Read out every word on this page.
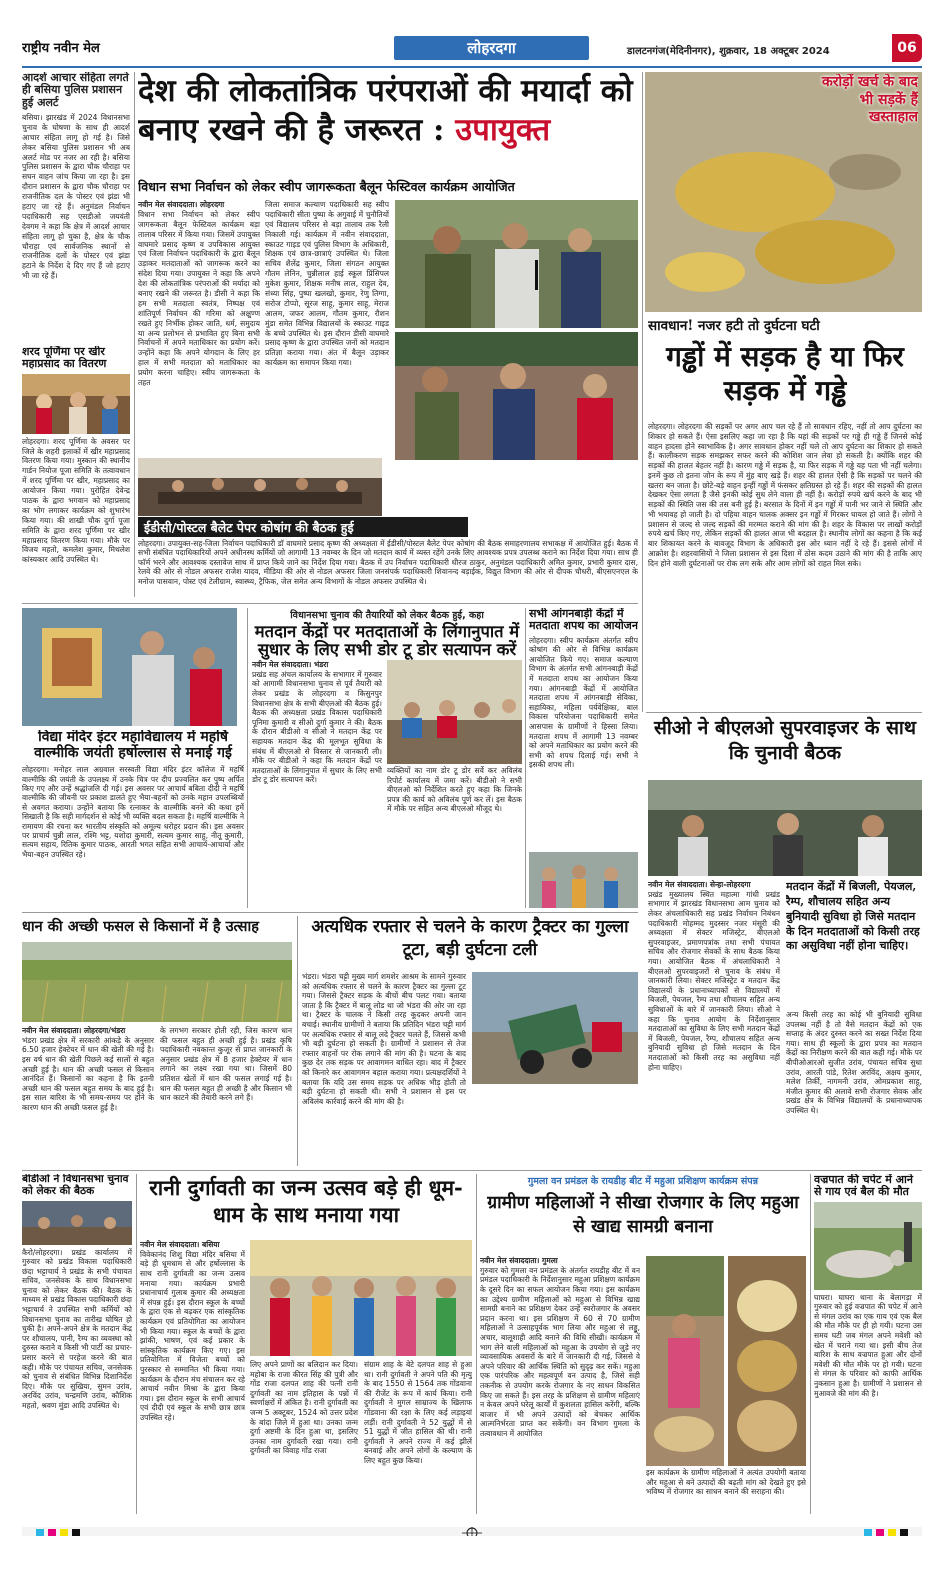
राष्ट्रीय नवीन मेल	लोहरदगा	डालटनगंज(मेदिनीनगर), शुक्रवार, 18 अक्टूबर 2024	06
आदर्श आचार संहिता लगते ही बसिया पुलिस प्रशासन हुई अलर्ट
बसिया। झारखंड में 2024 विधानसभा चुनाव के घोषणा के साथ ही आदर्श आचार संहिता लागू हो गई है। जिसे लेकर बसिया पुलिस प्रशासन भी अब अलर्ट मोड पर नजर आ रही है। बसिया पुलिस प्रशासन के द्वारा चौक चौराहा पर सघन वाहन जांच किया जा रहा है। इस दौरान प्रशासन के द्वारा चौक चौराहा पर राजनीतिक दल के पोस्टर एवं झंडा भी हटाए जा रहे हैं। अनुमंडल निर्वाचन पदाधिकारी सह एसडीओ जयवंती देवगम ने कहा कि क्षेत्र में आदर्श आचार संहिता लागू हो चुका है, क्षेत्र के चौक चौराहा एवं सार्वजनिक स्थानों से राजनीतिक दलों के पोस्टर एवं झंडा हटाने के निर्देश दे दिए गए हैं जो हटाए भी जा रहे हैं।
शरद पूर्णिमा पर खीर महाप्रसाद का वितरण
लोहरदगा। शरद पूर्णिमा के अवसर पर जिले के शहरी इलाकों में खीर महाप्रसाद वितरण किया गया। मुस्कान की स्थानीय गार्डन नियोज पूजा समिति के तत्वावधान में शरद पूर्णिमा पर खीर, महाप्रसाद का आयोजन किया गया। पुरोहित देवेन्द्र पाठक के द्वारा भगवान को महाप्रसाद का भोग लगाकर कार्यक्रम को शुभारंभ किया गया। की शाखी चौक दुर्गा पूजा समिति के द्वारा शरद पूर्णिमा पर खीर महाप्रसाद वितरण किया गया। मौके पर विजय महतो, कमलेश कुमार, मिथलेश कांस्यकार आदि उपस्थित थे।
देश की लोकतांत्रिक परंपराओं की मयार्दा को बनाए रखने की है जरूरत : उपायुक्त
विधान सभा निर्वाचन को लेकर स्वीप जागरूकता बैलून फेस्टिवल कार्यक्रम आयोजित
नवीन मेल संवाददाता। लोहरदगा
विधान सभा निर्वाचन को लेकर स्वीप जागरूकता बैलून फेस्टिवल कार्यक्रम बड़ा तालाब परिसर में किया गया। जिसमें उपायुक्त वाघमारे प्रसाद कृष्ण व उपविकास आयुक्त एवं जिला निर्वाचन पदाधिकारी के द्वारा बैलून उड़ाकर मतदाताओं को जागरूक करने का संदेश दिया गया। उपायुक्त ने कहा कि अपने देश की लोकतांत्रिक परंपराओं की मर्यादा को बनाए रखने की जरूरत है। डीसी ने कहा कि हम सभी मतदाता स्वतंत्र, निष्पक्ष एवं शांतिपूर्ण निर्वाचन की गरिमा को अक्षुण्ण रखते हुए निर्भीक होकर जाति, धर्म, समुदाय या अन्य प्रलोभन से प्रभावित हुए बिना सभी निर्वाचनों में अपने मताधिकार का प्रयोग करें। उन्होंने कहा कि अपने योगदान के लिए हर हाल में सभी मतदाता को मताधिकार का प्रयोग करना चाहिए। स्वीप जागरूकता के तहत
जिला समाज कल्याण पदाधिकारी सह स्वीप पदाधिकारी सीता पुष्पा के अगुवाई में चुनौतियों एवं विद्यालय परिसर से बड़ा तालाब तक रैली निकाली गई। कार्यक्रम में नवीन संवाददाता, स्काउट गाइड एवं पुलिस विभाग के अधिकारी, शिक्षक एवं छात्र-छात्राएं उपस्थित थे। जिला सचिव शैलेंद्र कुमार, जिला संगठन आयुक्त गौतम लेनिन, चुन्नीलाल हाई स्कूल प्रिंसिपल मुकेश कुमार, शिक्षक मनीष लाल, राहुल देव, संध्या सिंह, पुष्पा खलखो, कुमार, रेणु तिग्गा, सरोज टोप्पो, सूरज साहू, कुमार साहू, मेराज आलम, जफर आलम, गौतम कुमार, रौशन मुंडा समेत विभिन्न विद्यालयों के स्काउट गाइड के बच्चे उपस्थित थे। इस दौरान डीसी वाघमारे प्रसाद कृष्ण के द्वारा उपस्थित जनों को मतदान प्रतिज्ञा कराया गया। अंत में बैलून उड़ाकर कार्यक्रम का समापन किया गया।
ईडीसी/पोस्टल बैलेट पेपर कोषांग की बैठक हुई
लोहरदगा। उपायुक्त-सह-जिला निर्वाचन पदाधिकारी डॉ वाघमारे प्रसाद कृष्ण की अध्यक्षता में ईडीसी/पोस्टल बैलेट पेपर कोषांग की बैठक समाहरणालय सभाकक्ष में आयोजित हुई। बैठक में सभी संबंधित पदाधिकारियों अपने अधीनस्थ कर्मियों जो आगामी 13 नवम्बर के दिन जो मतदान कार्य में व्यस्त रहेंगे उनके लिए आवश्यक प्रपत्र उपलब्ध कराने का निर्देश दिया गया। साथ ही फॉर्म भरने और आवश्यक दस्तावेज साथ में प्राप्त किये जाने का निर्देश दिया गया। बैठक में उप निर्वाचन पदाधिकारी धीरज ठाकुर, अनुमंडल पदाधिकारी अमित कुमार, प्रभारी कुमार दास, रेलवे की ओर से नोडल अफसर राजेश यादव, मीडिया की ओर से नोडल अफसर जिला जनसंपर्क पदाधिकारी शिवानन्द बड़ाईक, विद्युत विभाग की ओर से दीपक चौधरी, बीएसएनएल के मनोज पासवान, पोस्ट एवं टेलीग्राम, स्वास्थ्य, ट्रैफिक, जेल समेत अन्य विभागों के नोडल अफसर उपस्थित थे।
करोड़ों खर्च के बाद भी सड़कें हैं खस्ताहाल
सावधान! नजर हटी तो दुर्घटना घटी
गड्ढों में सड़क है या फिर सड़क में गड्ढे
लोहरदगा। लोहरदगा की सड़कों पर अगर आप चल रहे हैं तो सावधान रहिए, नहीं तो आप दुर्घटना का शिकार हो सकते हैं। ऐसा इसलिए कहा जा रहा है कि यहां की सड़कों पर गड्ढे ही गड्ढे हैं जिनसे कोई वाहन हादसा होने स्वाभाविक है। अगर सावधान होकर नहीं चले तो आप दुर्घटना का शिकार हो सकते हैं। कालीकरण सड़क समझकर सफर करने की कोशिश जान लेवा हो सकती है। क्योंकि शहर की सड़कों की हालत बेहतर नहीं है। कारण गड्ढे में सड़क है, या फिर सड़क में गड्ढे यह पता भी नहीं चलेगा। इनमें कुछ तो इतना जोन के रूप में मुंह बाए खड़े हैं। शहर की हालत ऐसी है कि सड़कों पर चलने की खतरा बन जाता है। छोटे-बड़े वाहन इन्हीं गड्ढों में फंसकर क्षतिग्रस्त हो रहे हैं। शहर की सड़कों की हालत देखकर ऐसा लगता है जैसे इनकी कोई सुध लेने वाला ही नहीं है। करोड़ों रुपये खर्च करने के बाद भी सड़कों की स्थिति जस की तस बनी हुई है। बरसात के दिनों में इन गड्ढों में पानी भर जाने से स्थिति और भी भयावह हो जाती है। दो पहिया वाहन चालक अक्सर इन गड्ढों में गिरकर घायल हो जाते हैं। लोगों ने प्रशासन से जल्द से जल्द सड़कों की मरम्मत कराने की मांग की है। शहर के विकास पर लाखों करोड़ों रुपये खर्च किए गए, लेकिन सड़कों की हालत आज भी बदहाल है। स्थानीय लोगों का कहना है कि कई बार शिकायत करने के बावजूद विभाग के अधिकारी इस ओर ध्यान नहीं दे रहे हैं। इससे लोगों में आक्रोश है। शहरवासियों ने जिला प्रशासन से इस दिशा में ठोस कदम उठाने की मांग की है ताकि आए दिन होने वाली दुर्घटनाओं पर रोक लग सके और आम लोगों को राहत मिल सके।
विद्या मंदिर इंटर महाविद्यालय में महर्षि वाल्मीकि जयंती हर्षोल्लास से मनाई गई
लोहरदगा। मनोहर लाल अग्रवाल सरस्वती विद्या मंदिर इंटर कॉलेज में महर्षि वाल्मीकि की जयंती के उपलक्ष्य में उनके चित्र पर दीप प्रज्वलित कर पुष्प अर्पित किए गए और उन्हें श्रद्धांजलि दी गई। इस अवसर पर आचार्य बबिता दीदी ने महर्षि वाल्मीकि की जीवनी पर प्रकाश डालते हुए भैया-बहनों को उनके महान उपलब्धियों से अवगत कराया। उन्होंने बताया कि रत्नाकर के वाल्मीकि बनने की कथा हमें सिखाती है कि सही मार्गदर्शन से कोई भी व्यक्ति बदल सकता है। महर्षि वाल्मीकि ने रामायण की रचना कर भारतीय संस्कृति को अमूल्य धरोहर प्रदान की। इस अवसर पर प्राचार्य चुन्नी लाल, रश्मि भट्ट, यशोदा कुमारी, सत्यम कुमार साहु, नीतू कुमारी, सत्यम सहाय, रितिक कुमार पाठक, आरती भगत सहित सभी आचार्य-आचार्या और भैया-बहन उपस्थित रहे।
विधानसभा चुनाव की तैयारियों को लेकर बैठक हुई, कहा
मतदान केंद्रों पर मतदाताओं के लिंगानुपात में सुधार के लिए सभी डोर टू डोर सत्यापन करें
नवीन मेल संवाददाता। भंडरा
प्रखंड सह अंचल कार्यालय के सभागार में गुरुवार को आगामी विधानसभा चुनाव से पूर्व तैयारी को लेकर प्रखंड के लोहरदगा व किसुनपुर विधानसभा क्षेत्र के सभी बीएलओ की बैठक हुई। बैठक की अध्यक्षता प्रखंड विकास पदाधिकारी पूनिमा कुमारी व सीओ दुर्गा कुमार ने की। बैठक के दौरान बीडीओ व सीओ ने मतदान केंद्र पर सहायक मतदान केंद्र की मूलभूत सुविधा के संबंध में बीएलओ से विस्तार से जानकारी ली। मौके पर बीडीओ ने कहा कि मतदान केंद्रों पर मतदाताओं के लिंगानुपात में सुधार के लिए सभी डोर टू डोर सत्यापन करें।
व्यक्तियों का नाम डोर टू डोर सर्वे कर अविलंब रिपोर्ट कार्यालय में जमा करें। बीडीओ ने सभी बीएलओ को निर्देशित करते हुए कहा कि जिनके प्रपत्र की कार्य को अविलंब पूर्ण कर लें। इस बैठक में मौके पर सहित अन्य बीएलओ मौजूद थे।
सभी आंगनबाड़ी केंद्रों में मतदाता शपथ का आयोजन
लोहरदगा। स्वीप कार्यक्रम अंतर्गत स्वीप कोषांग की ओर से विभिन्न कार्यक्रम आयोजित किये गए। समाज कल्याण विभाग के अंतर्गत सभी आंगनबाड़ी केंद्रों में मतदाता शपथ का आयोजन किया गया। आंगनबाड़ी केंद्रों में आयोजित मतदाता शपथ में आंगनबाड़ी सेविका, सहायिका, महिला पर्यवेक्षिका, बाल विकास परियोजना पदाधिकारी समेत आसपास के ग्रामीणों ने हिस्सा लिया। मतदाता शपथ में आगामी 13 नवम्बर को अपने मताधिकार का प्रयोग करने की सभी को शपथ दिलाई गई। सभी ने इसकी शपथ ली।
सीओ ने बीएलओ सुपरवाइजर के साथ कि चुनावी बैठक
नवीन मेल संवाददाता। सेन्हा-लोहरदगा
प्रखंड मुख्यालय स्थित महात्मा गांधी प्रखंड सभागार में झारखंड विधानसभा आम चुनाव को लेकर अंचलाधिकारी सह प्रखंड निर्वाचन निबंधन पदाधिकारी मोहम्मद मुदस्सर नजर मंसूरी की अध्यक्षता में सेक्टर मजिस्ट्रेट, बीएलओ सुपरवाइजर, प्रमाणपत्रांक तथा सभी पंचायत सचिव और रोजगार सेवकों के साथ बैठक किया गया। आयोजित बैठक में अंचलाधिकारी ने बीएलओ सुपरवाइजरों से चुनाव के संबंध में जानकारी लिया। सेक्टर मजिस्ट्रेट व मतदान केंद्र विद्यालयों के प्रधानाध्यापकों से विद्यालयों में बिजली, पेयजल, रैम्प तथा शौचालय सहित अन्य सुविधाओं के बारे में जानकारी लिया। सीओ ने कहा कि चुनाव आयोग के निर्देशानुसार मतदाताओं का सुविधा के लिए सभी मतदान केंद्रों में बिजली, पेयजल, रैम्प, शौचालय सहित अन्य बुनियादी सुविधा हो जिसे मतदान के दिन मतदाताओं को किसी तरह का असुविधा नहीं होना चाहिए।
मतदान केंद्रों में बिजली, पेयजल, रैम्प, शौचालय सहित अन्य बुनियादी सुविधा हो जिसे मतदान के दिन मतदाताओं को किसी तरह का असुविधा नहीं होना चाहिए।
अन्य किसी तरह का कोई भी बुनियादी सुविधा उपलब्ध नहीं है तो वैसे मतदान केंद्रों को एक सप्ताह के अंदर दुरुस्त करने का सख्त निर्देश दिया गया। साथ ही स्कूलों के द्वारा प्रपत्र का मतदान केंद्रों का निरीक्षण करने की बात कही गई। मौके पर बीपीओआरओ सुजीत उरांव, पंचायत सचिव सुधा उरांव, आरती पांडे, रितेश अरविंद, अक्षय कुमार, मलेश तिर्की, नागमनी उरांव, ओमप्रकाश साहू, मंजीत कुमार की अलावे सभी रोजगार सेवक और प्रखंड क्षेत्र के विभिन्न विद्यालयों के प्रधानाध्यापक उपस्थित थे।
धान की अच्छी फसल से किसानों में है उत्साह
नवीन मेल संवाददाता। लोहरदगा/भंडरा
भंडरा प्रखंड क्षेत्र में सरकारी आंकड़े के अनुसार 6.50 हजार हेक्टेयर में धान की खेती की गई है। इस वर्ष धान की खेती पिछले कई सालों से बहुत अच्छी हुई है। धान की अच्छी फसल से किसान आनंदित हैं। किसानों का कहना है कि इतनी अच्छी धान की फसल बहुत समय के बाद हुई है। इस साल बारिश के भी समय-समय पर होने के कारण धान की अच्छी फसल हुई है।
के लगभग सरकार होती रही, जिस कारण धान की फसल बहुत ही अच्छी हुई है। प्रखंड कृषि पदाधिकारी नवकान्त कुजूर से प्राप्त जानकारी के अनुसार प्रखंड क्षेत्र में 8 हजार हेक्टेयर में धान लगाने का लक्ष्य रखा गया था। जिसमें 80 प्रतिशत खेतों में धान की फसल लगाई गई है। धान की फसल बहुत ही अच्छी है और किसान भी धान काटने की तैयारी करने लगे हैं।
अत्यधिक रफ्तार से चलने के कारण ट्रैक्टर का गुल्ला टूटा, बड़ी दुर्घटना टली
भंडरा। भंडरा चट्टी मुख्य मार्ग शमशेर आश्रम के सामने गुरुवार को अत्यधिक रफ्तार से चलने के कारण ट्रैक्टर का गुल्ला टूट गया। जिससे ट्रैक्टर सड़क के बीचों बीच पलट गया। बताया जाता है कि ट्रैक्टर में बालू लोड था जो भंडरा की ओर जा रहा था। ट्रैक्टर के चालक ने किसी तरह कूदकर अपनी जान बचाई। स्थानीय ग्रामीणों ने बताया कि प्रतिदिन भंडरा चट्टी मार्ग पर अत्यधिक रफ्तार से बालू लदे ट्रैक्टर चलते हैं, जिससे कभी भी बड़ी दुर्घटना हो सकती है। ग्रामीणों ने प्रशासन से तेज रफ्तार वाहनों पर रोक लगाने की मांग की है। घटना के बाद कुछ देर तक सड़क पर आवागमन बाधित रहा। बाद में ट्रैक्टर को किनारे कर आवागमन बहाल कराया गया। प्रत्यक्षदर्शियों ने बताया कि यदि उस समय सड़क पर अधिक भीड़ होती तो बड़ी दुर्घटना हो सकती थी। सभी ने प्रशासन से इस पर अविलंब कार्रवाई करने की मांग की है।
बीडीओ ने विधानसभा चुनाव को लेकर की बैठक
कैरो/लोहरदगा। प्रखंड कार्यालय में गुरुवार को प्रखंड विकास पदाधिकारी छंदा भट्टाचार्य ने प्रखंड के सभी पंचायत सचिव, जनसेवक के साथ विधानसभा चुनाव को लेकर बैठक की। बैठक के माध्यम से प्रखंड विकास पदाधिकारी छंदा भट्टाचार्य ने उपस्थित सभी कर्मियों को विधानसभा चुनाव का तारीख घोषित हो चुकी है। अपने-अपने क्षेत्र के मतदान केंद्र पर शौचालय, पानी, रैम्प का व्यवस्था को दुरुस्त कराने व किसी भी पार्टी का प्रचार-प्रसार करने से परहेज करने की बात कही। मौके पर पंचायत सचिव, जनसेवक को चुनाव से संबंधित विभिन्न दिशानिर्देश दिए। मौके पर सुखिया, सुमन उरांव, अरविंद उरांव, चन्द्रमणि उरांव, कौशिक महतो, श्रवण मुंडा आदि उपस्थित थे।
रानी दुर्गावती का जन्म उत्सव बड़े ही धूम-धाम के साथ मनाया गया
नवीन मेल संवाददाता। बसिया
विवेकानंद शिशु विद्या मंदिर बसिया में बड़े ही धूमधाम से और हर्षोल्लास के साथ रानी दुर्गावती का जन्म उत्सव मनाया गया। कार्यक्रम प्रभारी प्रधानाचार्य गुलाब कुमार की अध्यक्षता में संपन्न हुई। इस दौरान स्कूल के बच्चों के द्वारा एक से बढ़कर एक सांस्कृतिक कार्यक्रम एवं प्रतियोगिता का आयोजन भी किया गया। स्कूल के बच्चों के द्वारा झांकी, भाषण, एवं कई प्रकार के सांस्कृतिक कार्यक्रम किए गए। इस प्रतियोगिता में विजेता बच्चों को पुरस्कार से सम्मानित भी किया गया। कार्यक्रम के दौरान मंच संचालन कर रहे आचार्य नवीन मिश्रा के द्वारा किया गया। इस दौरान स्कूल के सभी आचार्य एवं दीदी एवं स्कूल के सभी छात्र छात्र उपस्थित रहे।
लिए अपने प्राणों का बलिदान कर दिया। महोबा के राजा कीरत सिंह की पुत्री और गोंड राजा दलपत शाह की पत्नी रानी दुर्गावती का नाम इतिहास के पन्नों में स्वर्णाक्षरों में अंकित है। रानी दुर्गावती का जन्म 5 अक्टूबर, 1524 को उत्तर प्रदेश के बांदा जिले में हुआ था। उनका जन्म दुर्गा अष्टमी के दिन हुआ था, इसलिए उनका नाम दुर्गावती रखा गया। रानी दुर्गावती का विवाह गोंड राजा
संग्राम शाह के बेटे दलपत शाह से हुआ था। रानी दुर्गावती ने अपने पति की मृत्यु के बाद 1550 से 1564 तक गोंडवाना की रीजेंट के रूप में कार्य किया। रानी दुर्गावती ने मुगल साम्राज्य के खिलाफ गोंडवाना की रक्षा के लिए कई लड़ाइयां लड़ीं। रानी दुर्गावती ने 52 युद्धों में से 51 युद्धों में जीत हासिल की थी। रानी दुर्गावती ने अपने राज्य में कई झीलें बनवाई और अपने लोगों के कल्याण के लिए बहुत कुछ किया।
गुमला वन प्रमंडल के रायडीह बीट में महुआ प्रशिक्षण कार्यक्रम संपन्न
ग्रामीण महिलाओं ने सीखा रोजगार के लिए महुआ से खाद्य सामग्री बनाना
नवीन मेल संवाददाता। गुमला
गुरुवार को गुमला वन प्रमंडल के अंतर्गत रायडीह बीट में वन प्रमंडल पदाधिकारी के निर्देशानुसार महुआ प्रशिक्षण कार्यक्रम के दूसरे दिन का सफल आयोजन किया गया। इस कार्यक्रम का उद्देश्य ग्रामीण महिलाओं को महुआ से विभिन्न खाद्य सामग्री बनाने का प्रशिक्षण देकर उन्हें स्वरोजगार के अवसर प्रदान करना था। इस प्रशिक्षण में 60 से 70 ग्रामीण महिलाओं ने उत्साहपूर्वक भाग लिया और महुआ से लड्डू, अचार, बालूशाही आदि बनाने की विधि सीखी। कार्यक्रम में भाग लेने वाली महिलाओं को महुआ के उपयोग से जुड़े नए व्यावसायिक अवसरों के बारे में जानकारी दी गई, जिससे वे अपने परिवार की आर्थिक स्थिति को सुदृढ़ कर सकें। महुआ एक पारंपरिक और महत्वपूर्ण वन उत्पाद है, जिसे सही तकनीक से उपयोग करके रोजगार के नए साधन विकसित किए जा सकते हैं। इस तरह के प्रशिक्षण से ग्रामीण महिलाएं न केवल अपने घरेलू कार्यों में कुशलता हासिल करेंगी, बल्कि बाजार में भी अपने उत्पादों को बेचकर आर्थिक आत्मनिर्भरता प्राप्त कर सकेंगी। वन विभाग गुमला के तत्वावधान में आयोजित
इस कार्यक्रम के ग्रामीण महिलाओं ने अत्यंत उपयोगी बताया और महुआ से बने उत्पादों की बढ़ती मांग को देखते हुए इसे भविष्य में रोजगार का साधन बनाने की सराहना की।
वज्रपात की चपेट में आने से गाय एवं बैल की मौत
घाघरा। घाघरा थाना के बेलागड़ा में गुरुवार को हुई वज्रपात की चपेट में आने से मंगल उरांव का एक गाय एवं एक बैल की मौत मौके पर ही हो गयी। घटना उस समय घटी जब मंगल अपने मवेशी को खेत में चराने गया था। इसी बीच तेज बारिश के साथ वज्रपात हुआ और दोनों मवेशी की मौत मौके पर हो गयी। घटना से मंगल के परिवार को काफी आर्थिक नुकसान हुआ है। ग्रामीणों ने प्रशासन से मुआवजे की मांग की है।
